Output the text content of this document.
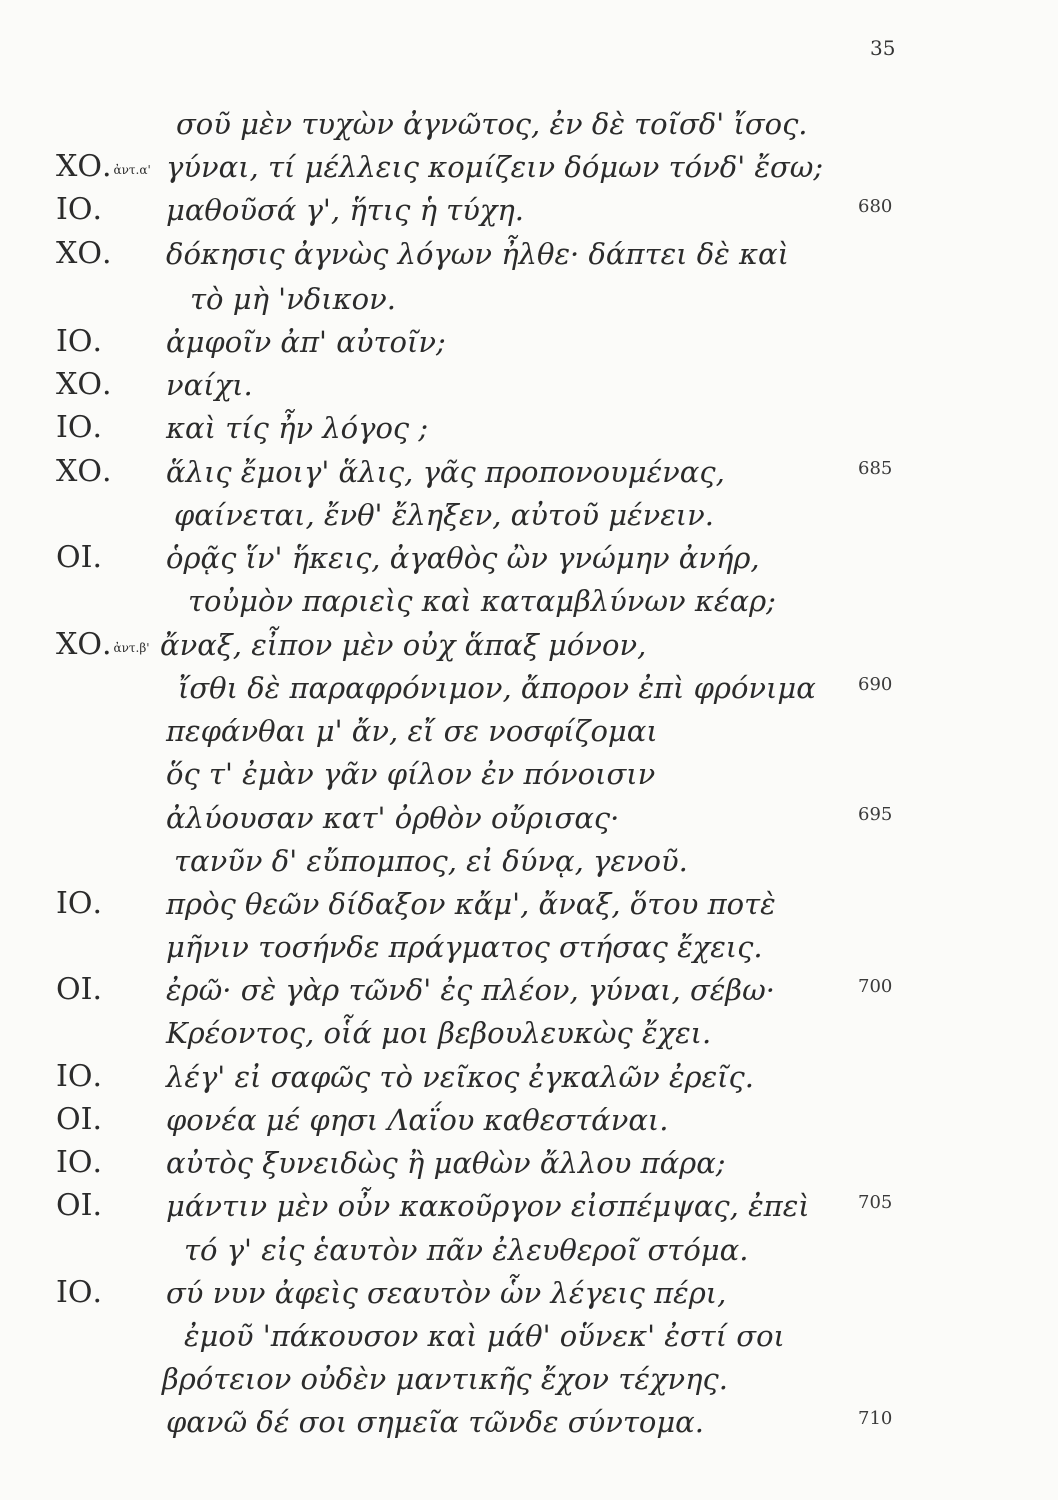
35
σοῦ μὲν τυχὼν ἀγνῶτος, ἐν δὲ τοῖσδ' ἴσος.
ΧΟ. ἀντ.α' γύναι, τί μέλλεις κομίζειν δόμων τόνδ' ἔσω;
ΙΟ. μαθοῦσά γ', ἥτις ἡ τύχη.	680
ΧΟ. δόκησις ἀγνὼς λόγων ἦλθε· δάπτει δὲ καὶ
τὸ μὴ 'νδικον.
ΙΟ. ἀμφοῖν ἀπ' αὐτοῖν;
ΧΟ. ναίχι.
ΙΟ. καὶ τίς ἦν λόγος ;
ΧΟ. ἅλις ἔμοιγ' ἅλις, γᾶς προπονουμένας,	685
φαίνεται, ἔνθ' ἔληξεν, αὐτοῦ μένειν.
ΟΙ. ὁρᾷς ἵν' ἥκεις, ἀγαθὸς ὢν γνώμην ἀνήρ,
τοὐμὸν παριεὶς καὶ καταμβλύνων κέαρ;
ΧΟ. ἀντ.β' ἄναξ, εἶπον μὲν οὐχ ἅπαξ μόνον,
ἴσθι δὲ παραφρόνιμον, ἄπορον ἐπὶ φρόνιμα 690
πεφάνθαι μ' ἄν, εἴ σε νοσφίζομαι
ὅς τ' ἐμὰν γᾶν φίλον ἐν πόνοισιν
ἀλύουσαν κατ' ὀρθὸν οὔρισας·	695
τανῦν δ' εὔπομπος, εἰ δύνᾳ, γενοῦ.
ΙΟ. πρὸς θεῶν δίδαξον κἄμ', ἄναξ, ὅτου ποτὲ
μῆνιν τοσήνδε πράγματος στήσας ἔχεις.
ΟΙ. ἐρῶ· σὲ γὰρ τῶνδ' ἐς πλέον, γύναι, σέβω·	700
Κρέοντος, οἷά μοι βεβουλευκὼς ἔχει.
ΙΟ. λέγ' εἰ σαφῶς τὸ νεῖκος ἐγκαλῶν ἐρεῖς.
ΟΙ. φονέα μέ φησι Λαΐου καθεστάναι.
ΙΟ. αὐτὸς ξυνειδὼς ἢ μαθὼν ἄλλου πάρα;
ΟΙ. μάντιν μὲν οὖν κακοῦργον εἰσπέμψας, ἐπεὶ	705
τό γ' εἰς ἑαυτὸν πᾶν ἐλευθεροῖ στόμα.
ΙΟ. σύ νυν ἀφεὶς σεαυτὸν ὧν λέγεις πέρι,
ἐμοῦ 'πάκουσον καὶ μάθ' οὕνεκ' ἐστί σοι
βρότειον οὐδὲν μαντικῆς ἔχον τέχνης.
φανῶ δέ σοι σημεῖα τῶνδε σύντομα.	710
